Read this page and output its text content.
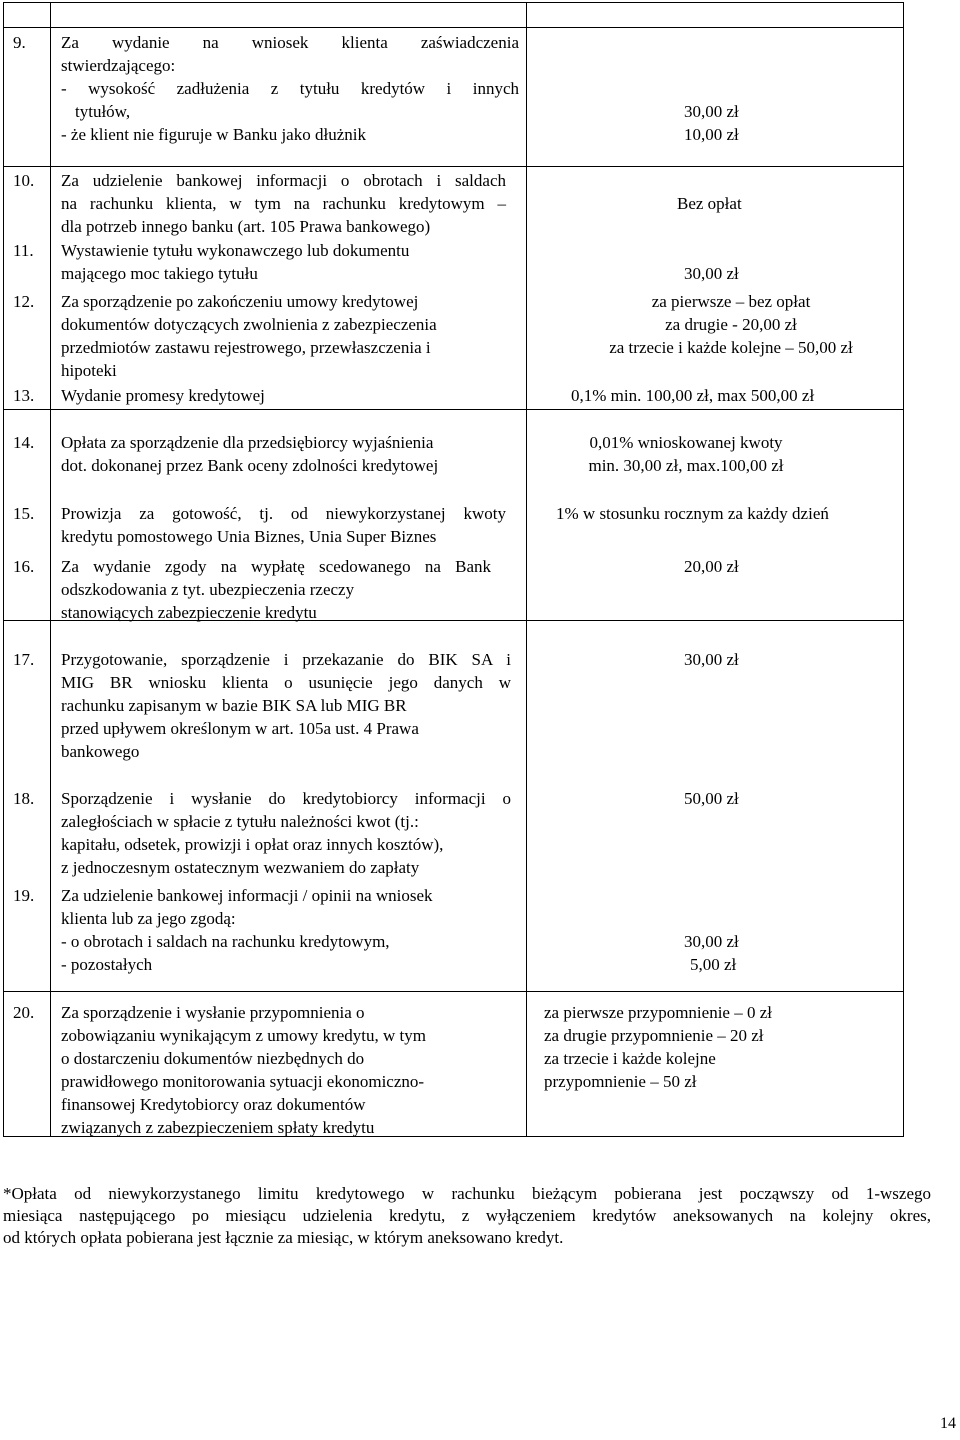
9. Za wydanie na wniosek klienta zaświadczenia
stwierdzającego:
- wysokość zadłużenia z tytułu kredytów i innych
tytułów,
- że klient nie figuruje w Banku jako dłużnik
30,00 zł
10,00 zł
10. Za udzielenie bankowej informacji o obrotach i saldach
na rachunku klienta, w tym na rachunku kredytowym –
dla potrzeb innego banku (art. 105 Prawa bankowego)
Bez opłat
11. Wystawienie tytułu wykonawczego lub dokumentu
mającego moc takiego tytułu	30,00 zł
12. Za sporządzenie po zakończeniu umowy kredytowej
dokumentów dotyczących zwolnienia z zabezpieczenia
przedmiotów zastawu rejestrowego, przewłaszczenia i
hipoteki
za pierwsze – bez opłat
za drugie - 20,00 zł
za trzecie i każde kolejne – 50,00 zł
13. Wydanie promesy kredytowej	0,1% min. 100,00 zł, max 500,00 zł
14. Opłata za sporządzenie dla przedsiębiorcy wyjaśnienia
dot. dokonanej przez Bank oceny zdolności kredytowej
0,01% wnioskowanej kwoty
min. 30,00 zł, max.100,00 zł
15. Prowizja za gotowość, tj. od niewykorzystanej kwoty
kredytu pomostowego Unia Biznes, Unia Super Biznes
1% w stosunku rocznym za każdy dzień
16. Za wydanie zgody na wypłatę scedowanego na Bank
odszkodowania z tyt. ubezpieczenia rzeczy
stanowiących zabezpieczenie kredytu
20,00 zł
17. Przygotowanie, sporządzenie i przekazanie do BIK SA i
MIG BR wniosku klienta o usunięcie jego danych w
rachunku zapisanym w bazie BIK SA lub MIG BR
przed upływem określonym w art. 105a ust. 4 Prawa
bankowego
30,00 zł
18. Sporządzenie i wysłanie do kredytobiorcy informacji o
zaległościach w spłacie z tytułu należności kwot (tj.:
kapitału, odsetek, prowizji i opłat oraz innych kosztów),
z jednoczesnym ostatecznym wezwaniem do zapłaty
50,00 zł
19. Za udzielenie bankowej informacji / opinii na wniosek
klienta lub za jego zgodą:
- o obrotach i saldach na rachunku kredytowym,
- pozostałych
30,00 zł
5,00 zł
20. Za sporządzenie i wysłanie przypomnienia o
zobowiązaniu wynikającym z umowy kredytu, w tym
o dostarczeniu dokumentów niezbędnych do
prawidłowego monitorowania sytuacji ekonomiczno-
finansowej Kredytobiorcy oraz dokumentów
związanych z zabezpieczeniem spłaty kredytu
za pierwsze przypomnienie – 0 zł
za drugie przypomnienie – 20 zł
za trzecie i każde kolejne
przypomnienie – 50 zł
*Opłata od niewykorzystanego limitu kredytowego w rachunku bieżącym pobierana jest począwszy od 1-wszego
miesiąca następującego po miesiącu udzielenia kredytu, z wyłączeniem kredytów aneksowanych na kolejny okres,
od których opłata pobierana jest łącznie za miesiąc, w którym aneksowano kredyt.
14
